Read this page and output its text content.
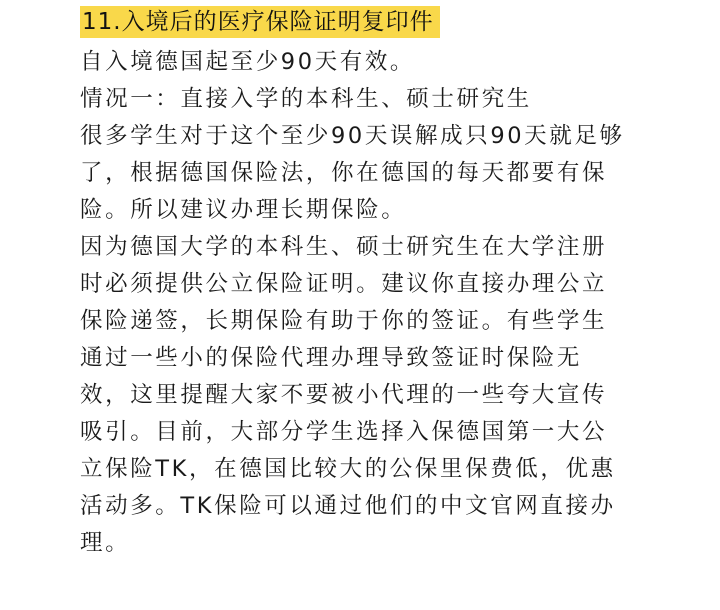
11.入境后的医疗保险证明复印件
自入境德国起至少90天有效。
情况一：直接入学的本科生、硕士研究生
很多学生对于这个至少90天误解成只90天就足够
了，根据德国保险法，你在德国的每天都要有保
险。所以建议办理长期保险。
因为德国大学的本科生、硕士研究生在大学注册
时必须提供公立保险证明。建议你直接办理公立
保险递签，长期保险有助于你的签证。有些学生
通过一些小的保险代理办理导致签证时保险无
效，这里提醒大家不要被小代理的一些夸大宣传
吸引。目前，大部分学生选择入保德国第一大公
立保险TK，在德国比较大的公保里保费低，优惠
活动多。TK保险可以通过他们的中文官网直接办
理。
